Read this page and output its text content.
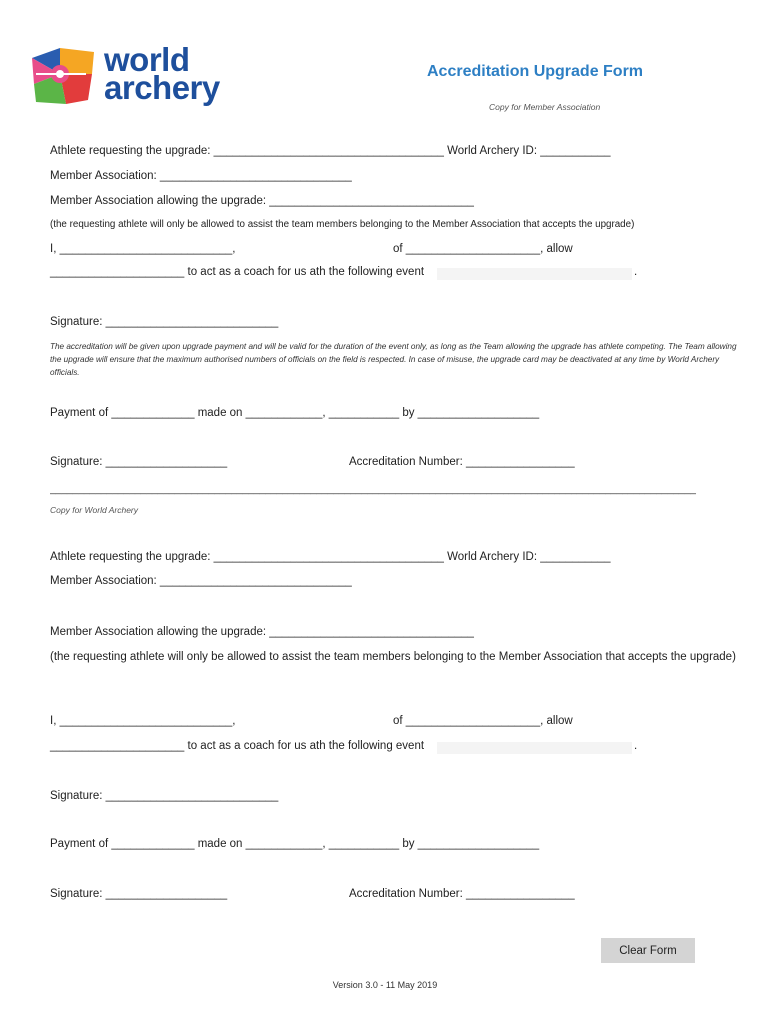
world
archery	Accreditation Upgrade Form
Copy for Member Association
Athlete requesting the upgrade: ____________________________________ World Archery ID: ___________
Member Association: ______________________________
Member Association allowing the upgrade: ________________________________
(the requesting athlete will only be allowed to assist the team members belonging to the Member Association that accepts the upgrade)
I, ___________________________,	of _____________________, allow
_____________________ to act as a coach for us ath the following event	.
Signature: ___________________________
The accreditation will be given upon upgrade payment and will be valid for the duration of the event only, as long as the Team allowing the upgrade has athlete competing. The Team allowing the upgrade will ensure that the maximum authorised numbers of officials on the field is respected. In case of misuse, the upgrade card may be deactivated at any time by World Archery officials.
Payment of _____________ made on ____________, ___________ by ___________________
Signature: ___________________	Accreditation Number: _________________
__________________________________________________________________________________________________________________
Copy for World Archery
Athlete requesting the upgrade: ____________________________________ World Archery ID: ___________
Member Association: ______________________________
Member Association allowing the upgrade: ________________________________
(the requesting athlete will only be allowed to assist the team members belonging to the Member Association that accepts the upgrade)
I, ___________________________,	of _____________________, allow
_____________________ to act as a coach for us ath the following event	.
Signature: ___________________________
Payment of _____________ made on ____________, ___________ by ___________________
Signature: ___________________	Accreditation Number: _________________
Clear Form
Version 3.0 - 11 May 2019
